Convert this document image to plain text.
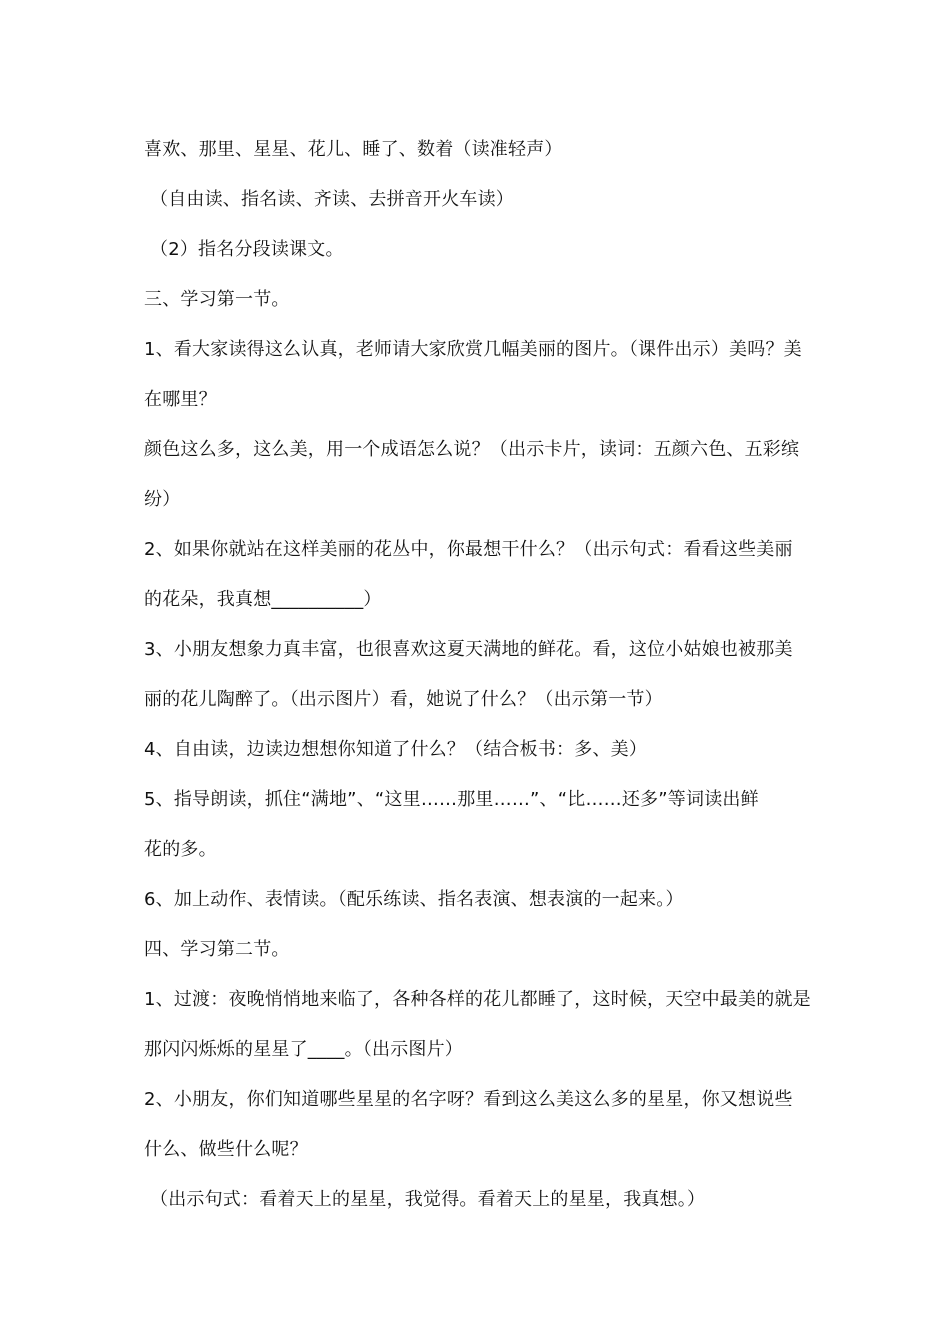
喜欢、那里、星星、花儿、睡了、数着（读准轻声）
（自由读、指名读、齐读、去拼音开火车读）
（2）指名分段读课文。
三、学习第一节。
1、看大家读得这么认真，老师请大家欣赏几幅美丽的图片。（课件出示）美吗？美
在哪里？
颜色这么多，这么美，用一个成语怎么说？（出示卡片，读词：五颜六色、五彩缤
纷）
2、如果你就站在这样美丽的花丛中，你最想干什么？（出示句式：看看这些美丽
的花朵，我真想__________）
3、小朋友想象力真丰富，也很喜欢这夏天满地的鲜花。看，这位小姑娘也被那美
丽的花儿陶醉了。（出示图片）看，她说了什么？（出示第一节）
4、自由读，边读边想想你知道了什么？（结合板书：多、美）
5、指导朗读，抓住“满地”、“这里……那里……”、“比……还多”等词读出鲜
花的多。
6、加上动作、表情读。（配乐练读、指名表演、想表演的一起来。）
四、学习第二节。
1、过渡：夜晚悄悄地来临了，各种各样的花儿都睡了，这时候，天空中最美的就是
那闪闪烁烁的星星了____。（出示图片）
2、小朋友，你们知道哪些星星的名字呀？看到这么美这么多的星星，你又想说些
什么、做些什么呢？
（出示句式：看着天上的星星，我觉得。看着天上的星星，我真想。）
